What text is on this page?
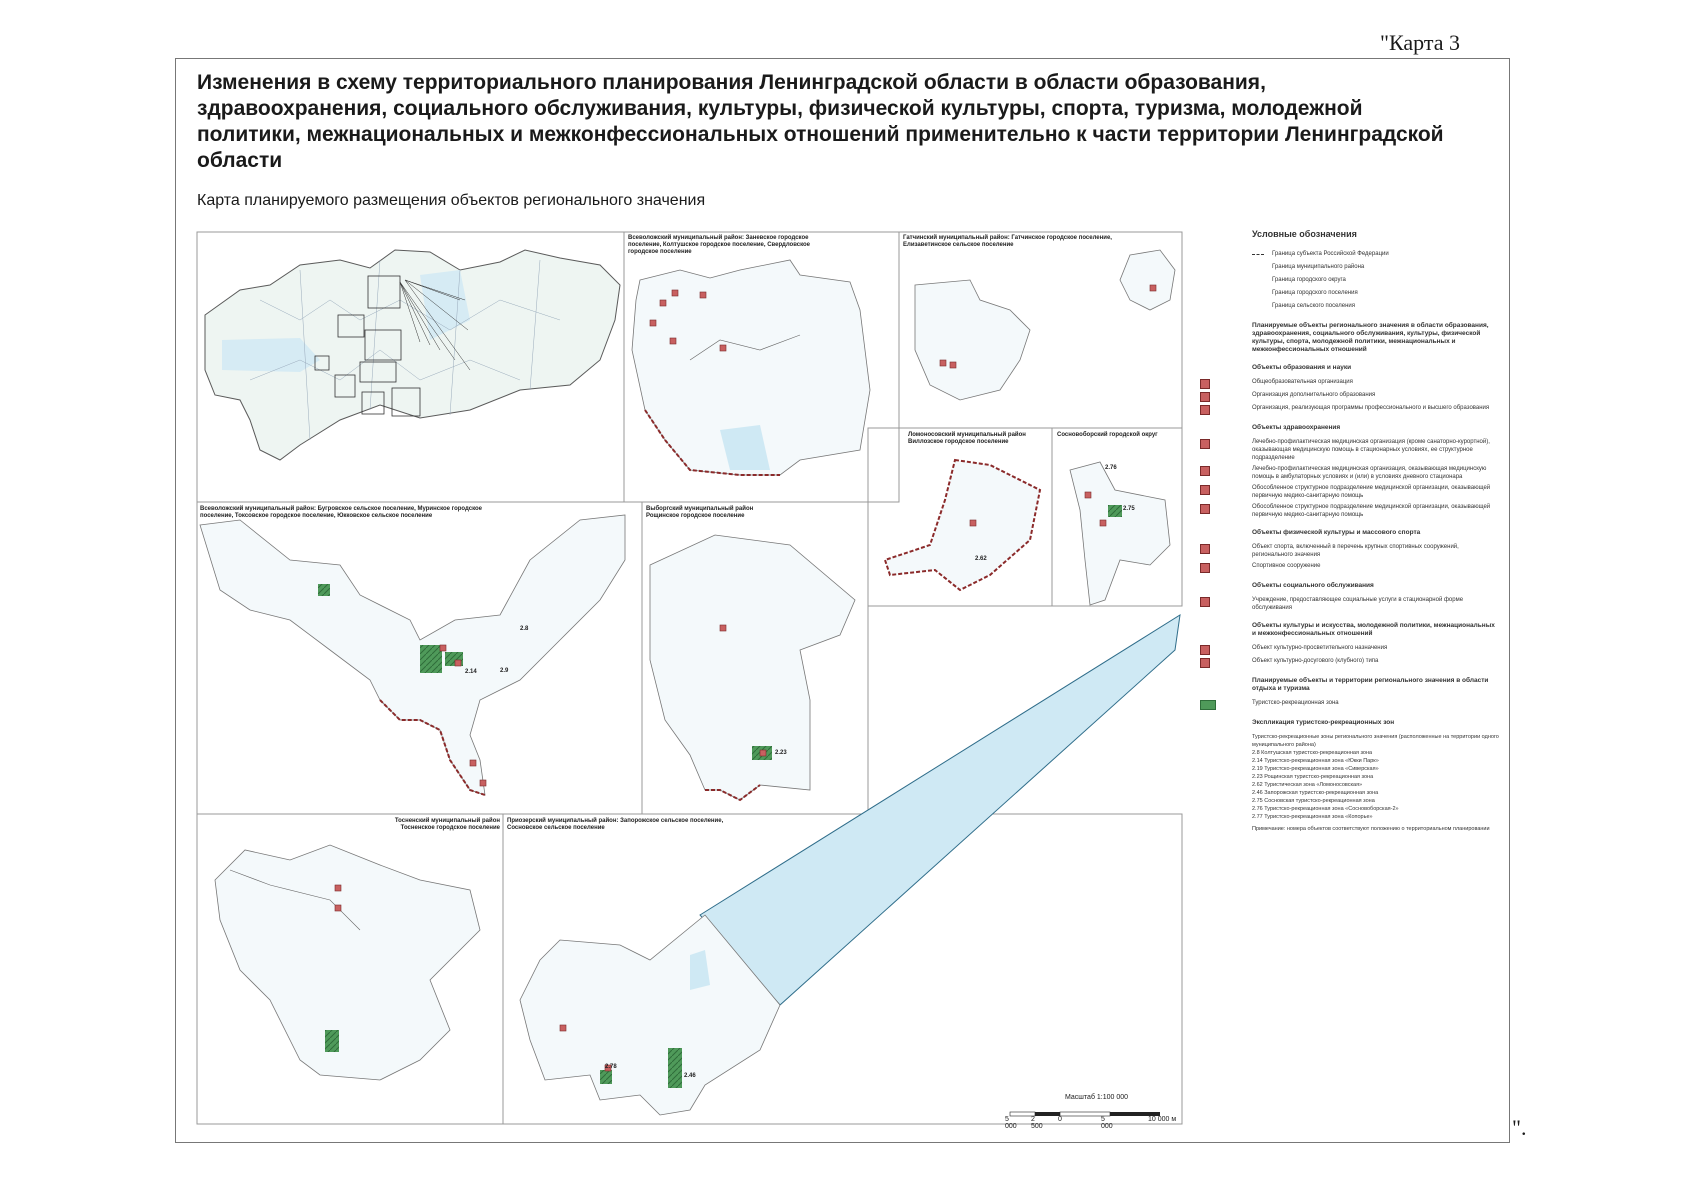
"Карта 3
Изменения в схему территориального планирования Ленинградской области в области образования, здравоохранения, социального обслуживания, культуры, физической культуры, спорта, туризма, молодежной политики, межнациональных и межконфессиональных отношений применительно к части территории Ленинградской области
Карта планируемого размещения объектов регионального значения
2.8
2.14	2.9
2.23
2.62
2.76
2.75
2.78
2.46
Всеволожский муниципальный район: Заневское городское поселение, Колтушское городское поселение, Свердловское городское поселение
Гатчинский муниципальный район: Гатчинское городское поселение, Елизаветинское сельское поселение
Ломоносовский муниципальный район Виллозское городское поселение
Сосновоборский городской округ
Всеволожский муниципальный район: Бугровское сельское поселение, Муринское городское поселение, Токсовское городское поселение, Юкковское сельское поселение
Выборгский муниципальный район Рощинское городское поселение
Тосненский муниципальный район Тосненское городское поселение
Приозерский муниципальный район: Запорожское сельское поселение, Сосновское сельское поселение
Условные обозначения
Граница субъекта Российской Федерации
Граница муниципального района
Граница городского округа
Граница городского поселения
Граница сельского поселения
Планируемые объекты регионального значения в области образования, здравоохранения, социального обслуживания, культуры, физической культуры, спорта, молодежной политики, межнациональных и межконфессиональных отношений
Объекты образования и науки
Общеобразовательная организация
Организация дополнительного образования
Организация, реализующая программы профессионального и высшего образования
Объекты здравоохранения
Лечебно-профилактическая медицинская организация (кроме санаторно-курортной), оказывающая медицинскую помощь в стационарных условиях, ее структурное подразделение
Лечебно-профилактическая медицинская организация, оказывающая медицинскую помощь в амбулаторных условиях и (или) в условиях дневного стационара
Обособленное структурное подразделение медицинской организации, оказывающей первичную медико-санитарную помощь
Обособленное структурное подразделение медицинской организации, оказывающей первичную медико-санитарную помощь
Объекты физической культуры и массового спорта
Объект спорта, включенный в перечень крупных спортивных сооружений, регионального значения
Спортивное сооружение
Объекты социального обслуживания
Учреждение, предоставляющее социальные услуги в стационарной форме обслуживания
Объекты культуры и искусства, молодежной политики, межнациональных и межконфессиональных отношений
Объект культурно-просветительного назначения
Объект культурно-досугового (клубного) типа
Планируемые объекты и территории регионального значения в области отдыха и туризма
Туристско-рекреационная зона
Экспликация туристско-рекреационных зон
Туристско-рекреационные зоны регионального значения (расположенные на территории одного муниципального района)
2.8 Колтушская туристско-рекреационная зона
2.14 Туристско-рекреационная зона «Юкки Парк»
2.19 Туристско-рекреационная зона «Сиверская»
2.23 Рощинская туристско-рекреационная зона
2.62 Туристическая зона «Ломоносовская»
2.46 Запорожская туристско-рекреационная зона
2.75 Сосновская туристско-рекреационная зона
2.76 Туристско-рекреационная зона «Сосновоборская-2»
2.77 Туристско-рекреационная зона «Копорье»
Примечание: номера объектов соответствуют положению о территориальном планировании
Масштаб 1:100 000
5 000
2 500
0	5 000
10 000 м	".
